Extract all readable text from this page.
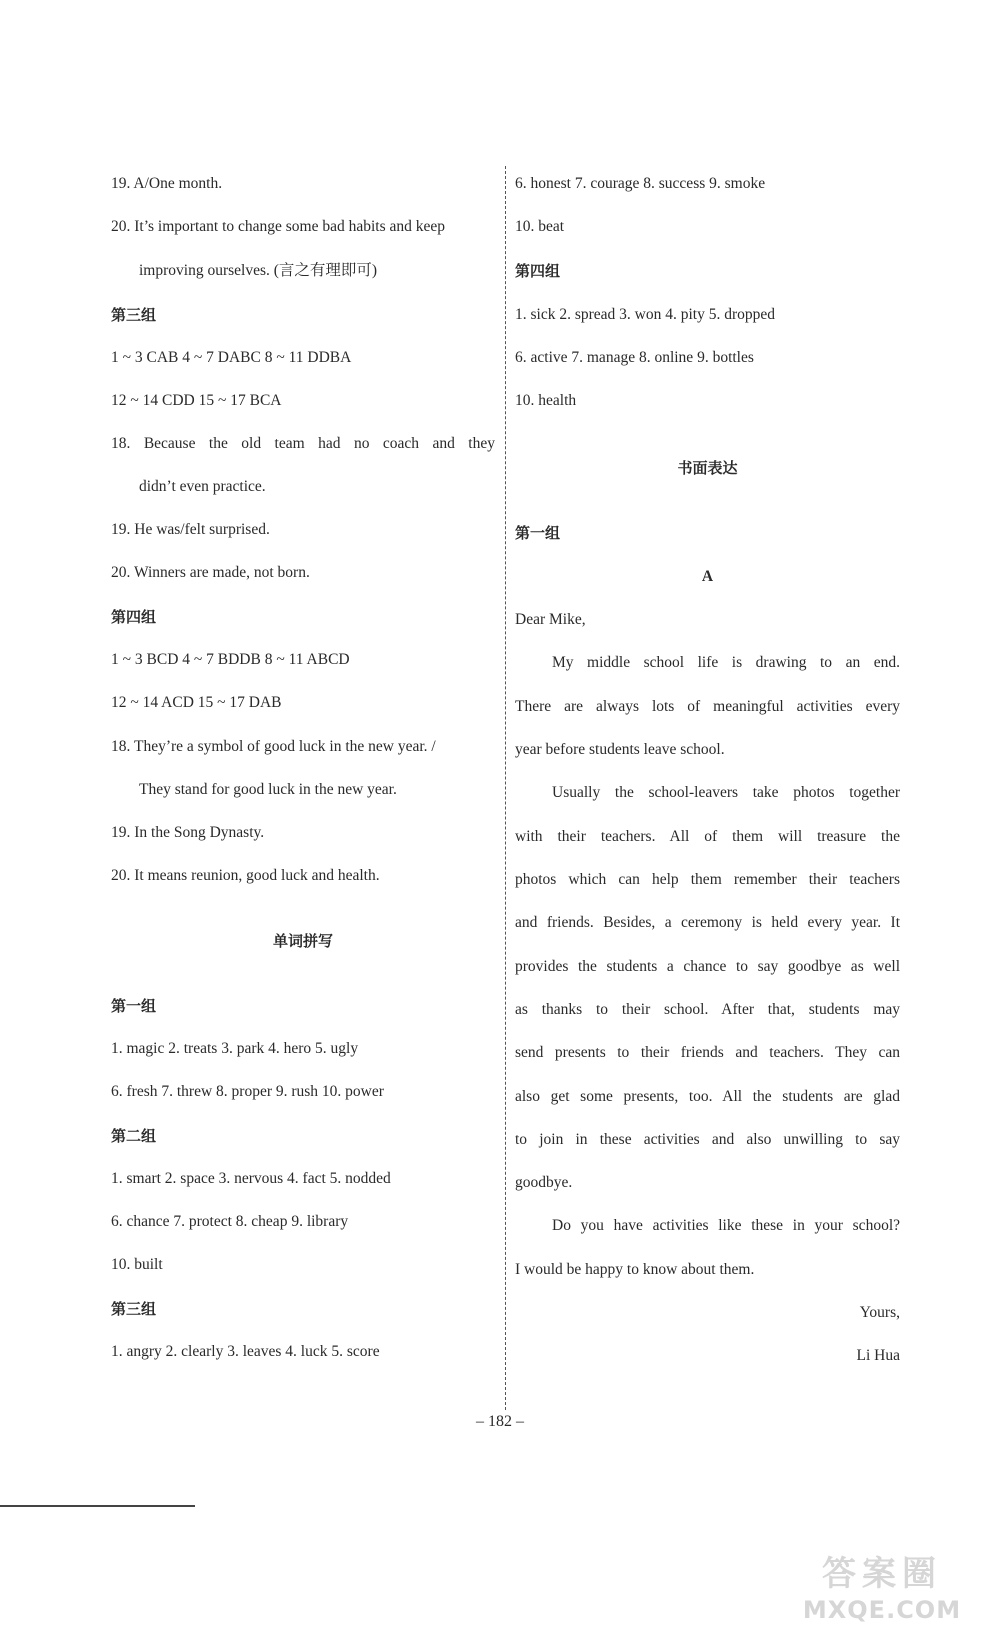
19. A/One month.
20. It’s important to change some bad habits and keep
improving ourselves. (言之有理即可)
第三组
1 ~ 3 CAB 4 ~ 7 DABC 8 ~ 11 DDBA
12 ~ 14 CDD 15 ~ 17 BCA
18. Because the old team had no coach and they
didn’t even practice.
19. He was/felt surprised.
20. Winners are made, not born.
第四组
1 ~ 3 BCD 4 ~ 7 BDDB 8 ~ 11 ABCD
12 ~ 14 ACD 15 ~ 17 DAB
18. They’re a symbol of good luck in the new year. /
They stand for good luck in the new year.
19. In the Song Dynasty.
20. It means reunion, good luck and health.
单词拼写
第一组
1. magic 2. treats 3. park 4. hero 5. ugly
6. fresh 7. threw 8. proper 9. rush 10. power
第二组
1. smart 2. space 3. nervous 4. fact 5. nodded
6. chance 7. protect 8. cheap 9. library
10. built
第三组
1. angry 2. clearly 3. leaves 4. luck 5. score
6. honest 7. courage 8. success 9. smoke
10. beat
第四组
1. sick 2. spread 3. won 4. pity 5. dropped
6. active 7. manage 8. online 9. bottles
10. health
书面表达
第一组
A
Dear Mike,
My middle school life is drawing to an end.
There are always lots of meaningful activities every
year before students leave school.
Usually the school-leavers take photos together
with their teachers. All of them will treasure the
photos which can help them remember their teachers
and friends. Besides, a ceremony is held every year. It
provides the students a chance to say goodbye as well
as thanks to their school. After that, students may
send presents to their friends and teachers. They can
also get some presents, too. All the students are glad
to join in these activities and also unwilling to say
goodbye.
Do you have activities like these in your school?
I would be happy to know about them.
Yours,
Li Hua
– 182 –
答案圈
MXQE.COM
